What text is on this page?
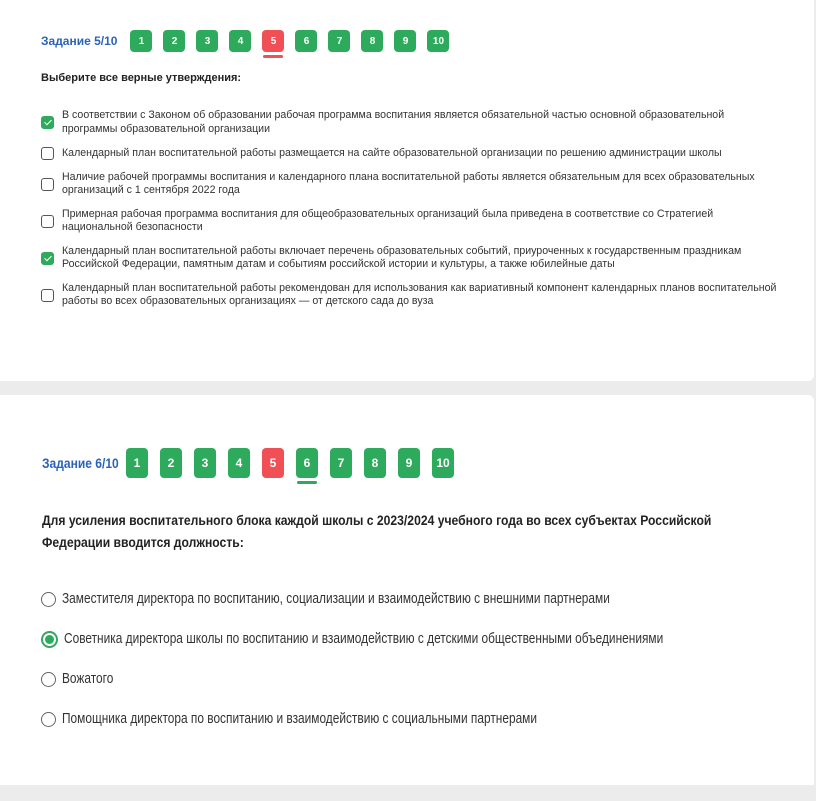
Задание 5/10 1	2	3	4	5	6	7	8	9 10
Выберите все верные утверждения:
В соответствии с Законом об образовании рабочая программа воспитания является обязательной частью основной образовательной программы образовательной организации
Календарный план воспитательной работы размещается на сайте образовательной организации по решению администрации школы
Наличие рабочей программы воспитания и календарного плана воспитательной работы является обязательным для всех образовательных организаций с 1 сентября 2022 года
Примерная рабочая программа воспитания для общеобразовательных организаций была приведена в соответствие со Стратегией национальной безопасности
Календарный план воспитательной работы включает перечень образовательных событий, приуроченных к государственным праздникам Российской Федерации, памятным датам и событиям российской истории и культуры, а также юбилейные даты
Календарный план воспитательной работы рекомендован для использования как вариативный компонент календарных планов воспитательной работы во всех образовательных организациях — от детского сада до вуза
Задание 6/10 1 2 3 4 5 6 7 8 9 10
Для усиления воспитательного блока каждой школы с 2023/2024 учебного года во всех субъектах Российской Федерации вводится должность:
Заместителя директора по воспитанию, социализации и взаимодействию с внешними партнерами
Советника директора школы по воспитанию и взаимодействию с детскими общественными объединениями
Вожатого
Помощника директора по воспитанию и взаимодействию с социальными партнерами
